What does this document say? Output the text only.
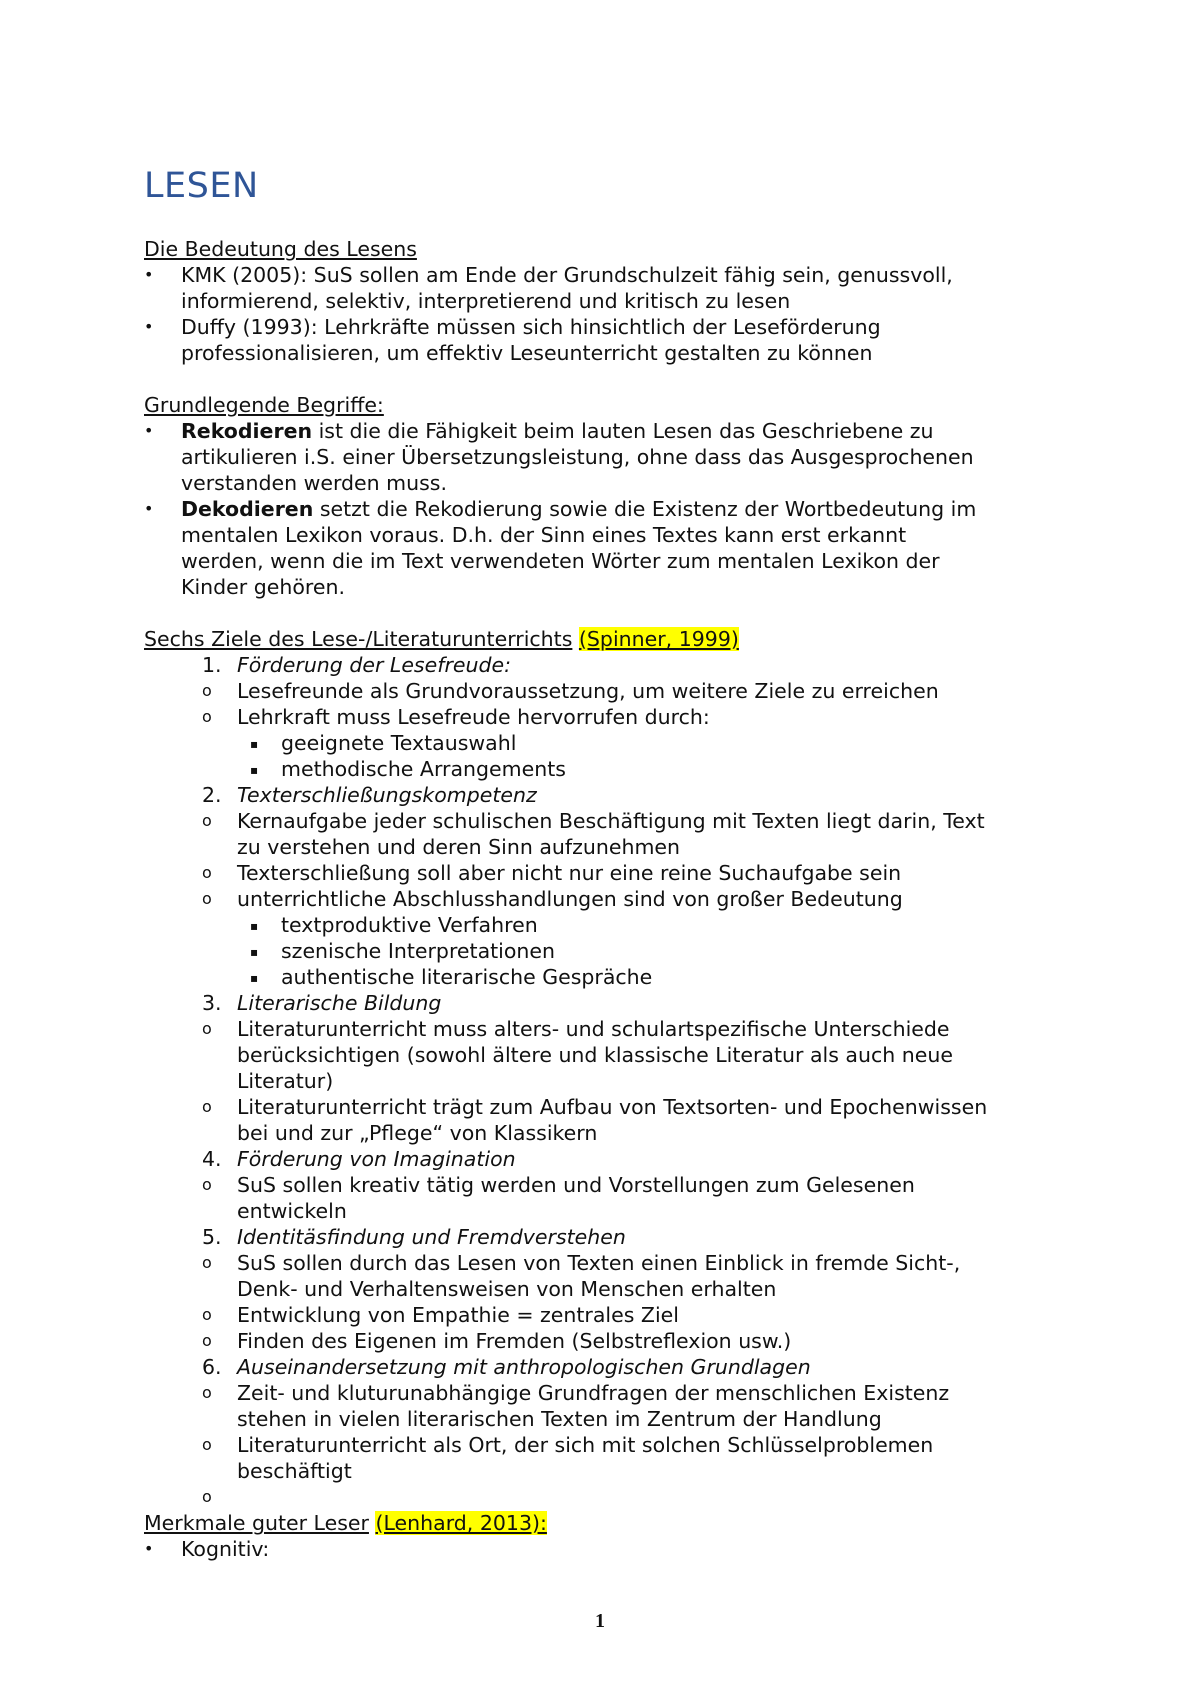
LESEN
Die Bedeutung des Lesens
• KMK (2005): SuS sollen am Ende der Grundschulzeit fähig sein, genussvoll,
informierend, selektiv, interpretierend und kritisch zu lesen
• Duffy (1993): Lehrkräfte müssen sich hinsichtlich der Leseförderung
professionalisieren, um effektiv Leseunterricht gestalten zu können
Grundlegende Begriffe:
• Rekodieren ist die die Fähigkeit beim lauten Lesen das Geschriebene zu
artikulieren i.S. einer Übersetzungsleistung, ohne dass das Ausgesprochenen
verstanden werden muss.
• Dekodieren setzt die Rekodierung sowie die Existenz der Wortbedeutung im
mentalen Lexikon voraus. D.h. der Sinn eines Textes kann erst erkannt
werden, wenn die im Text verwendeten Wörter zum mentalen Lexikon der
Kinder gehören.
Sechs Ziele des Lese-/Literaturunterrichts (Spinner, 1999)
1. Förderung der Lesefreude:
o Lesefreunde als Grundvoraussetzung, um weitere Ziele zu erreichen
o Lehrkraft muss Lesefreude hervorrufen durch:
▪ geeignete Textauswahl
▪ methodische Arrangements
2. Texterschließungskompetenz
o Kernaufgabe jeder schulischen Beschäftigung mit Texten liegt darin, Text
zu verstehen und deren Sinn aufzunehmen
o Texterschließung soll aber nicht nur eine reine Suchaufgabe sein
o unterrichtliche Abschlusshandlungen sind von großer Bedeutung
▪ textproduktive Verfahren
▪ szenische Interpretationen
▪ authentische literarische Gespräche
3. Literarische Bildung
o Literaturunterricht muss alters- und schulartspezifische Unterschiede
berücksichtigen (sowohl ältere und klassische Literatur als auch neue
Literatur)
o Literaturunterricht trägt zum Aufbau von Textsorten- und Epochenwissen
bei und zur „Pflege“ von Klassikern
4. Förderung von Imagination
o SuS sollen kreativ tätig werden und Vorstellungen zum Gelesenen
entwickeln
5. Identitäsfindung und Fremdverstehen
o SuS sollen durch das Lesen von Texten einen Einblick in fremde Sicht-,
Denk- und Verhaltensweisen von Menschen erhalten
o Entwicklung von Empathie = zentrales Ziel
o Finden des Eigenen im Fremden (Selbstreflexion usw.)
6. Auseinandersetzung mit anthropologischen Grundlagen
o Zeit- und kluturunabhängige Grundfragen der menschlichen Existenz
stehen in vielen literarischen Texten im Zentrum der Handlung
o Literaturunterricht als Ort, der sich mit solchen Schlüsselproblemen
beschäftigt
o

Merkmale guter Leser (Lenhard, 2013):
• Kognitiv:
1
